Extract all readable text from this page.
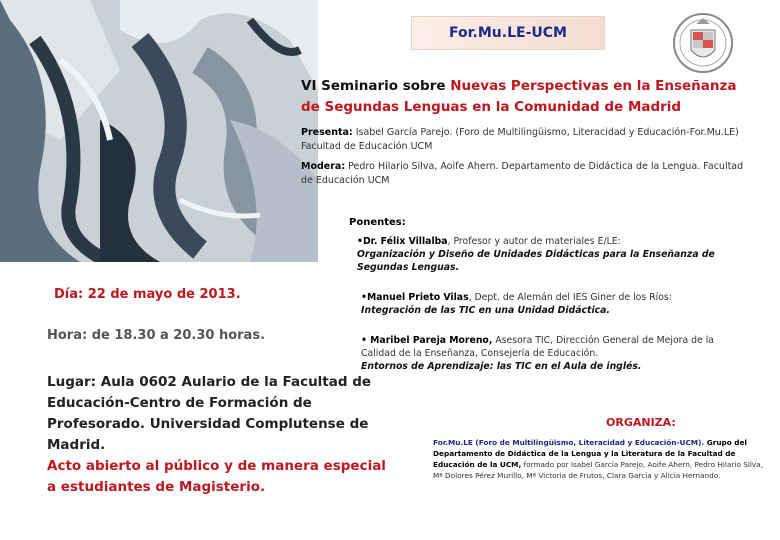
For.Mu.LE-UCM
VI Seminario sobre Nuevas Perspectivas en la Enseñanza de Segundas Lenguas en la Comunidad de Madrid
Presenta: Isabel García Parejo. (Foro de Multilingüismo, Literacidad y Educación-For.Mu.LE) Facultad de Educación UCM
Modera: Pedro Hilario Silva, Aoife Ahern. Departamento de Didáctica de la Lengua. Facultad de Educación UCM
Ponentes:
•Dr. Félix Villalba, Profesor y autor de materiales E/LE:
Organización y Diseño de Unidades Didácticas para la Enseñanza de Segundas Lenguas.
•Manuel Prieto Vilas, Dept. de Alemán del IES Giner de los Ríos:
Integración de las TIC en una Unidad Didáctica.
• Maribel Pareja Moreno, Asesora TIC, Dirección General de Mejora de la Calidad de la Enseñanza, Consejería de Educación.
Entornos de Aprendizaje: las TIC en el Aula de inglés.
Día: 22 de mayo de 2013.
Hora: de 18.30 a 20.30 horas.
Lugar: Aula 0602 Aulario de la Facultad de Educación-Centro de Formación de Profesorado. Universidad Complutense de Madrid.
Acto abierto al público y de manera especial a estudiantes de Magisterio.
ORGANIZA:
For.Mu.LE (Foro de Multilingüismo, Literacidad y Educación-UCM). Grupo del Departamento de Didáctica de la Lengua y la Literatura de la Facultad de Educación de la UCM, formado por Isabel García Parejo, Aoife Ahern, Pedro Hilario Silva, Mª Dolores Pérez Murillo, Mª Victoria de Frutos, Clara García y Alicia Hernando.
